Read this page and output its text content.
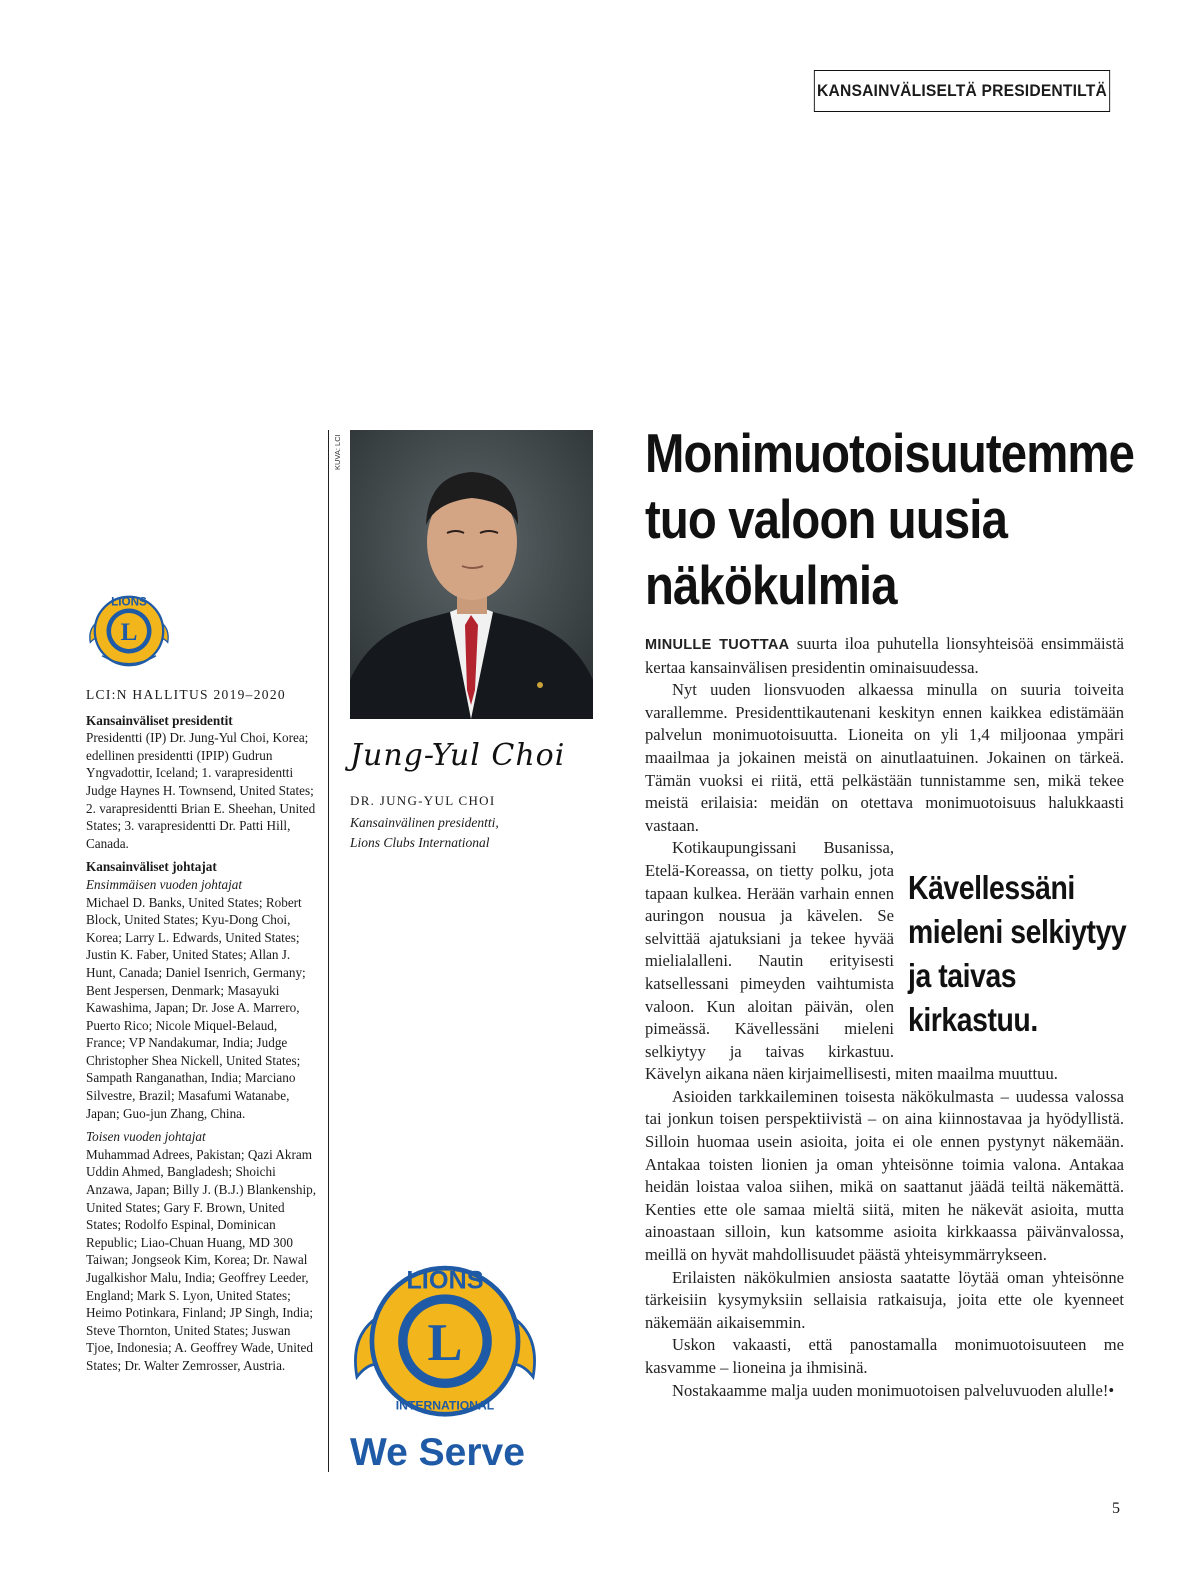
KANSAINVÄLISELTÄ PRESIDENTILTÄ
L
LIONS

LCI:N HALLITUS 2019–2020

Kansainväliset presidentit

Presidentti (IP) Dr. Jung-Yul Choi, Korea; edellinen presidentti (IPIP) Gudrun Yngvadottir, Iceland; 1. varapresidentti Judge Haynes H. Townsend, United States; 2. varapresidentti Brian E. Sheehan, United States; 3. varapresidentti Dr. Patti Hill, Canada.

Kansainväliset johtajat

Ensimmäisen vuoden johtajat

Michael D. Banks, United States; Robert Block, United States; Kyu-Dong Choi, Korea; Larry L. Edwards, United States; Justin K. Faber, United States; Allan J. Hunt, Canada; Daniel Isenrich, Germany; Bent Jespersen, Denmark; Masayuki Kawashima, Japan; Dr. Jose A. Marrero, Puerto Rico; Nicole Miquel-Belaud, France; VP Nandakumar, India; Judge Christopher Shea Nickell, United States; Sampath Ranganathan, India; Marciano Silvestre, Brazil; Masafumi Watanabe, Japan; Guo-jun Zhang, China.

Toisen vuoden johtajat

Muhammad Adrees, Pakistan; Qazi Akram Uddin Ahmed, Bangladesh; Shoichi Anzawa, Japan; Billy J. (B.J.) Blankenship, United States; Gary F. Brown, United States; Rodolfo Espinal, Dominican Republic; Liao-Chuan Huang, MD 300 Taiwan; Jongseok Kim, Korea; Dr. Nawal Jugalkishor Malu, India; Geoffrey Leeder, England; Mark S. Lyon, United States; Heimo Potinkara, Finland; JP Singh, India; Steve Thornton, United States; Juswan Tjoe, Indonesia; A. Geoffrey Wade, United States; Dr. Walter Zemrosser, Austria.

KUVA: LCI
Jung-Yul Choi
DR. JUNG-YUL CHOI
Kansainvälinen presidentti,
Lions Clubs International
L
LIONS
INTERNATIONAL
We Serve
Monimuotoisuutemme
tuo valoon uusia
näkökulmia

MINULLE TUOTTAA suurta iloa puhutella lionsyhteisöä ensimmäistä kertaa kansainvälisen presidentin ominaisuudessa.

Nyt uuden lionsvuoden alkaessa minulla on suuria toiveita varallemme. Presidenttikautenani keskityn ennen kaikkea edistämään palvelun monimuotoisuutta. Lioneita on yli 1,4 miljoonaa ympäri maailmaa ja jokainen meistä on ainutlaatuinen. Jokainen on tärkeä. Tämän vuoksi ei riitä, että pelkästään tunnistamme sen, mikä tekee meistä erilaisia: meidän on otettava monimuotoisuus halukkaasti vastaan.

Kävellessäni
mieleni selkiytyy
ja taivas
kirkastuu.

Kotikaupungissani Busanissa, Etelä-Koreassa, on tietty polku, jota tapaan kulkea. Herään varhain ennen auringon nousua ja kävelen. Se selvittää ajatuksiani ja tekee hyvää mielialalleni. Nautin erityisesti katsellessani pimeyden vaihtumista valoon. Kun aloitan päivän, olen pimeässä. Kävellessäni mieleni selkiytyy ja taivas kirkastuu. Kävelyn aikana näen kirjaimellisesti, miten maailma muuttuu.

Asioiden tarkkaileminen toisesta näkökulmasta – uudessa valossa tai jonkun toisen perspektiivistä – on aina kiinnostavaa ja hyödyllistä. Silloin huomaa usein asioita, joita ei ole ennen pystynyt näkemään. Antakaa toisten lionien ja oman yhteisönne toimia valona. Antakaa heidän loistaa valoa siihen, mikä on saattanut jäädä teiltä näkemättä. Kenties ette ole samaa mieltä siitä, miten he näkevät asioita, mutta ainoastaan silloin, kun katsomme asioita kirkkaassa päivänvalossa, meillä on hyvät mahdollisuudet päästä yhteisymmärrykseen.

Erilaisten näkökulmien ansiosta saatatte löytää oman yhteisönne tärkeisiin kysymyksiin sellaisia ratkaisuja, joita ette ole kyenneet näkemään aikaisemmin.

Uskon vakaasti, että panostamalla monimuotoisuuteen me kasvamme – lioneina ja ihmisinä.

Nostakaamme malja uuden monimuotoisen palveluvuoden alulle!•

5
